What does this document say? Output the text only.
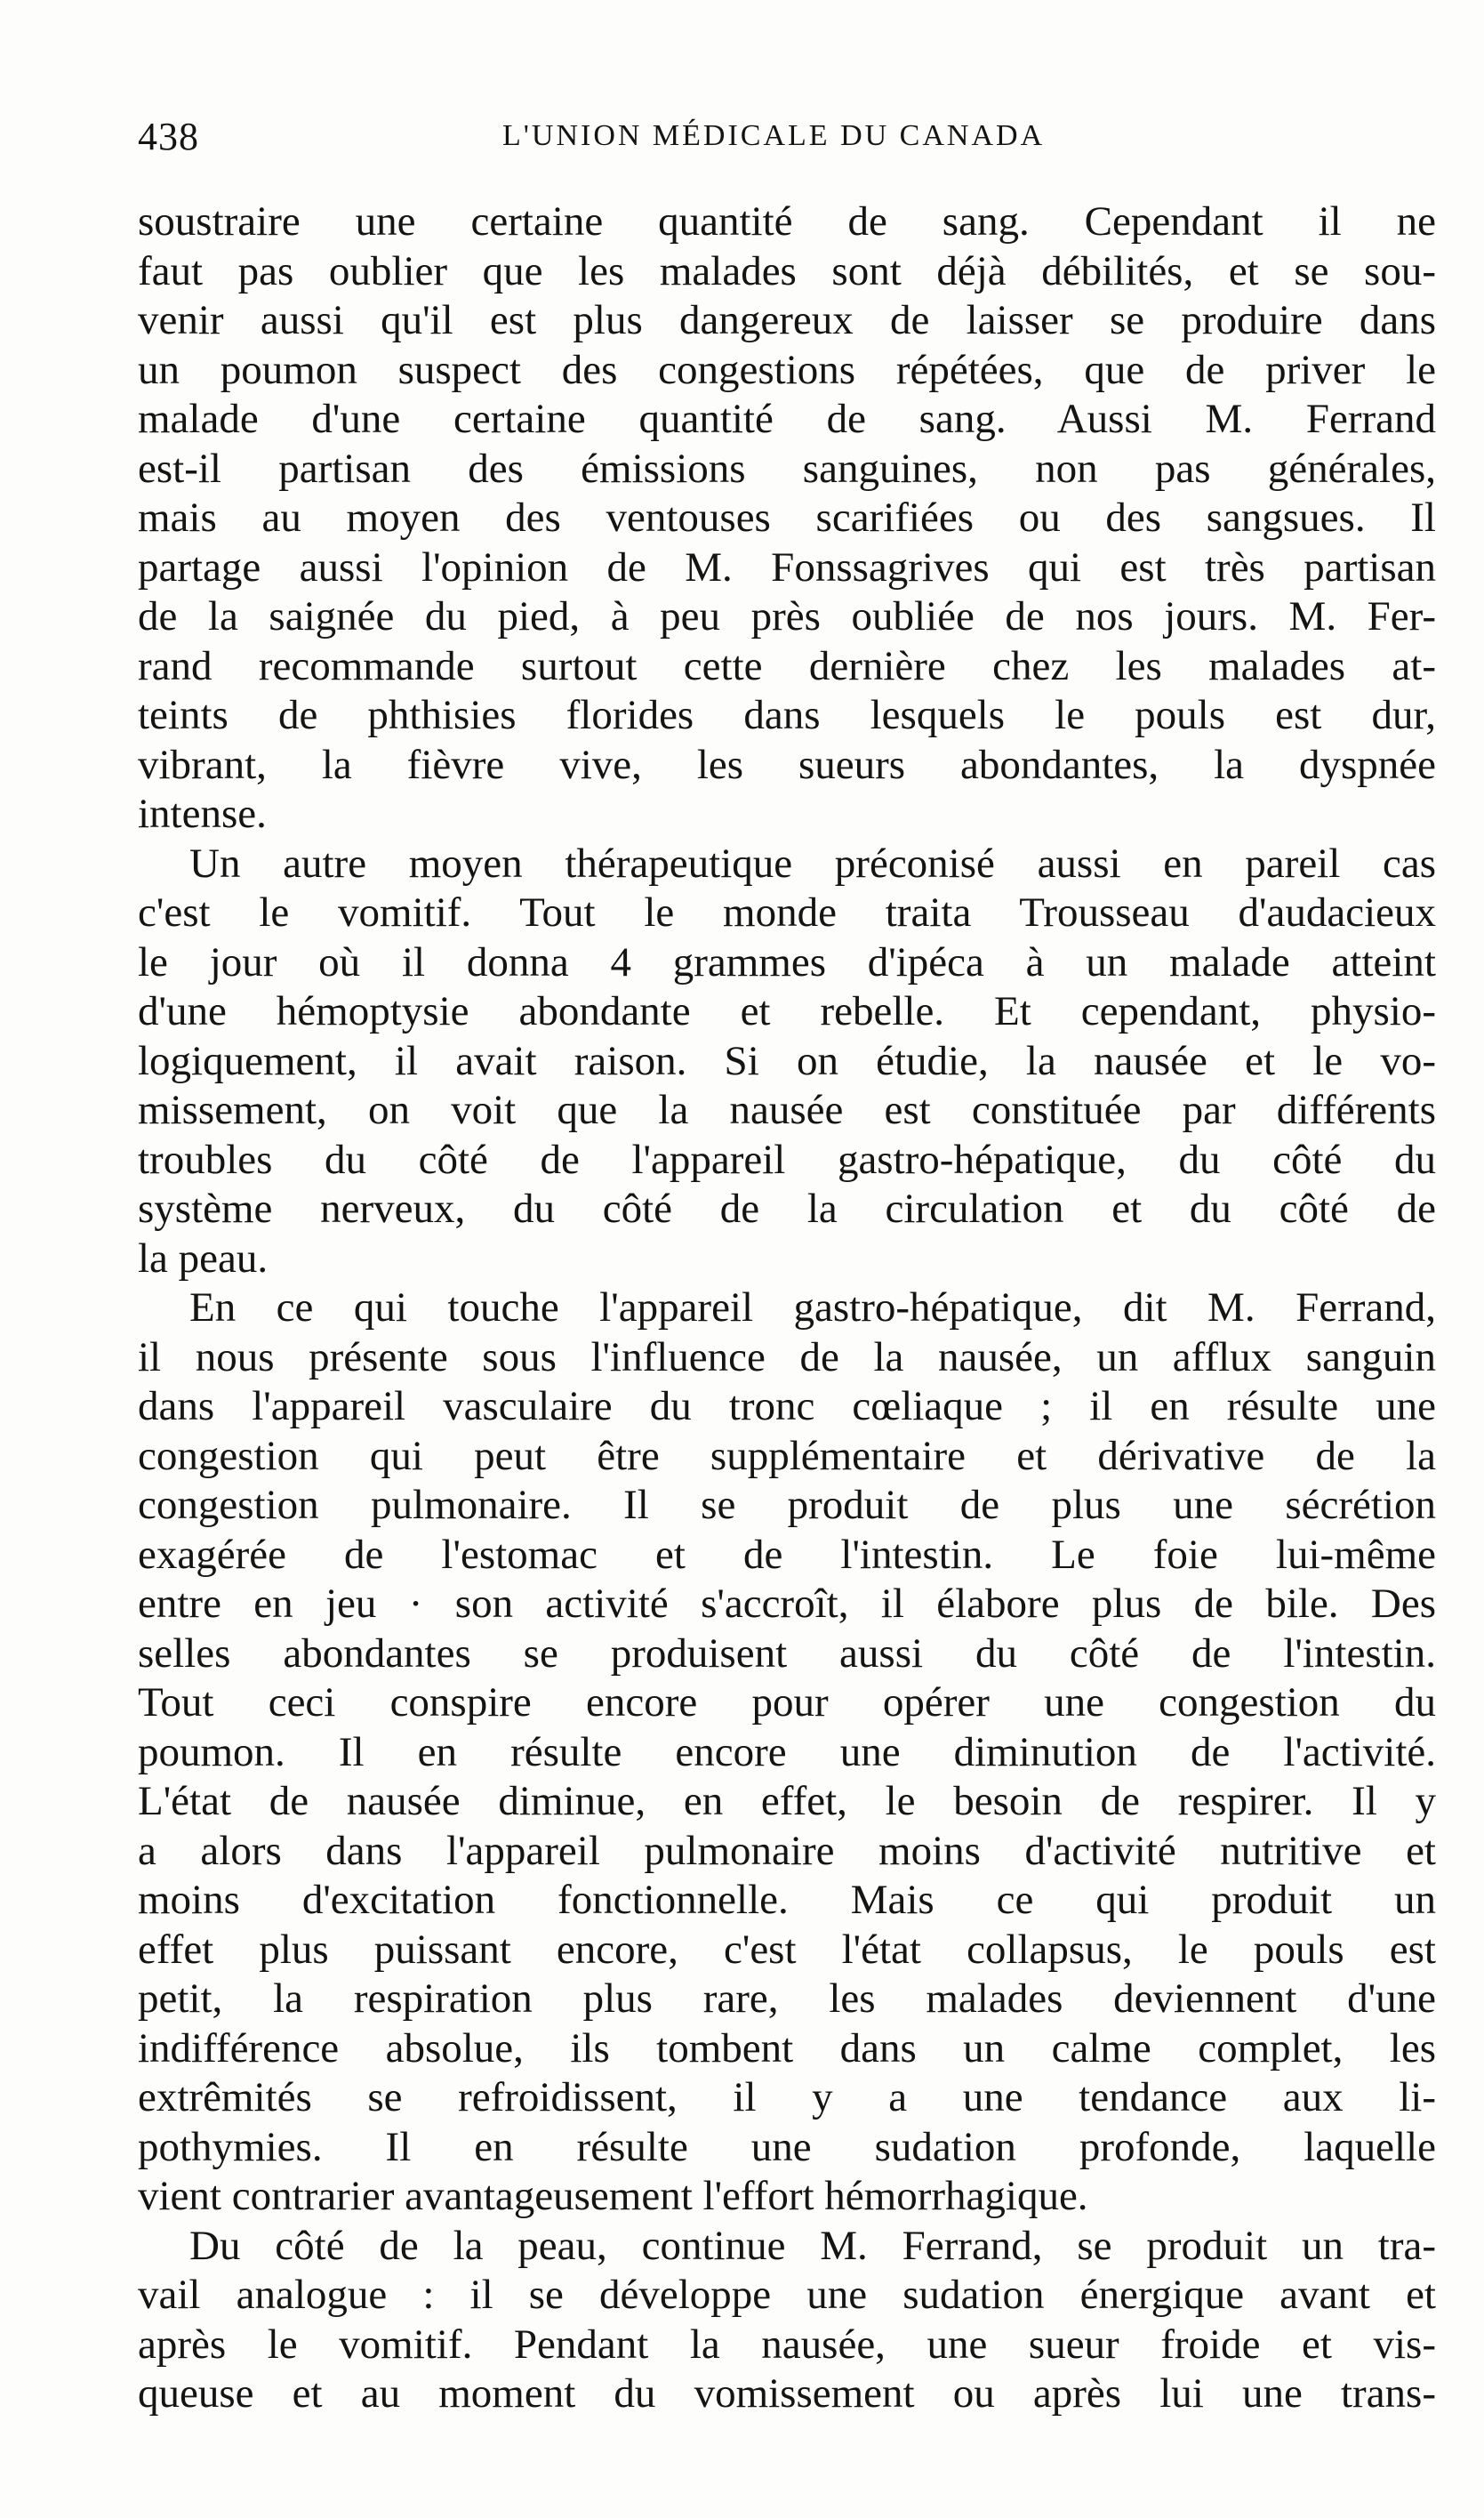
438	L'UNION MÉDICALE DU CANADA
soustraire une certaine quantité de sang. Cependant il ne
faut pas oublier que les malades sont déjà débilités, et se sou-
venir aussi qu'il est plus dangereux de laisser se produire dans
un poumon suspect des congestions répétées, que de priver le
malade d'une certaine quantité de sang. Aussi M. Ferrand
est-il partisan des émissions sanguines, non pas générales,
mais au moyen des ventouses scarifiées ou des sangsues. Il
partage aussi l'opinion de M. Fonssagrives qui est très partisan
de la saignée du pied, à peu près oubliée de nos jours. M. Fer-
rand recommande surtout cette dernière chez les malades at-
teints de phthisies florides dans lesquels le pouls est dur,
vibrant, la fièvre vive, les sueurs abondantes, la dyspnée
intense.
Un autre moyen thérapeutique préconisé aussi en pareil cas
c'est le vomitif. Tout le monde traita Trousseau d'audacieux
le jour où il donna 4 grammes d'ipéca à un malade atteint
d'une hémoptysie abondante et rebelle. Et cependant, physio-
logiquement, il avait raison. Si on étudie, la nausée et le vo-
missement, on voit que la nausée est constituée par différents
troubles du côté de l'appareil gastro-hépatique, du côté du
système nerveux, du côté de la circulation et du côté de
la peau.
En ce qui touche l'appareil gastro-hépatique, dit M. Ferrand,
il nous présente sous l'influence de la nausée, un afflux sanguin
dans l'appareil vasculaire du tronc cœliaque ; il en résulte une
congestion qui peut être supplémentaire et dérivative de la
congestion pulmonaire. Il se produit de plus une sécrétion
exagérée de l'estomac et de l'intestin. Le foie lui-même
entre en jeu · son activité s'accroît, il élabore plus de bile. Des
selles abondantes se produisent aussi du côté de l'intestin.
Tout ceci conspire encore pour opérer une congestion du
poumon. Il en résulte encore une diminution de l'activité.
L'état de nausée diminue, en effet, le besoin de respirer. Il y
a alors dans l'appareil pulmonaire moins d'activité nutritive et
moins d'excitation fonctionnelle. Mais ce qui produit un
effet plus puissant encore, c'est l'état collapsus, le pouls est
petit, la respiration plus rare, les malades deviennent d'une
indifférence absolue, ils tombent dans un calme complet, les
extrêmités se refroidissent, il y a une tendance aux li-
pothymies. Il en résulte une sudation profonde, laquelle
vient contrarier avantageusement l'effort hémorrhagique.
Du côté de la peau, continue M. Ferrand, se produit un tra-
vail analogue : il se développe une sudation énergique avant et
après le vomitif. Pendant la nausée, une sueur froide et vis-
queuse et au moment du vomissement ou après lui une trans-
